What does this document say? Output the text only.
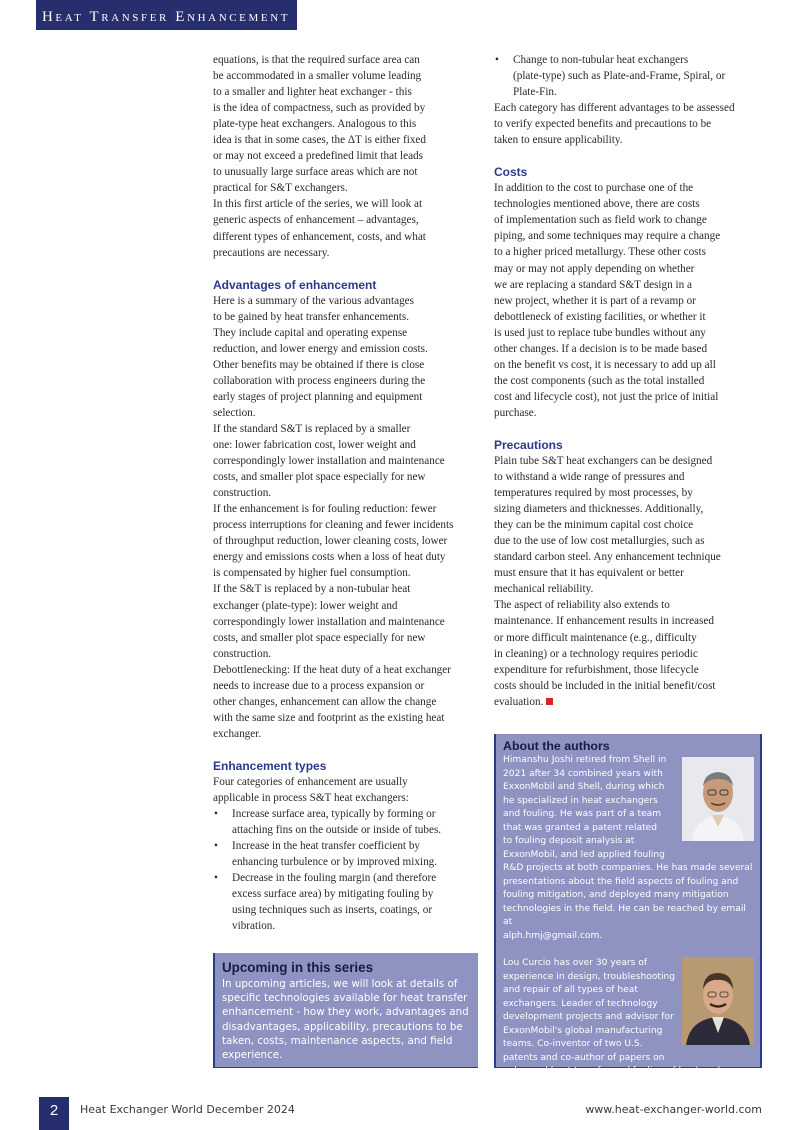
Heat Transfer Enhancement

equations, is that the required surface area can
be accommodated in a smaller volume leading
to a smaller and lighter heat exchanger - this
is the idea of compactness, such as provided by
plate-type heat exchangers. Analogous to this
idea is that in some cases, the ΔT is either fixed
or may not exceed a predefined limit that leads
to unusually large surface areas which are not
practical for S&T exchangers.
In this first article of the series, we will look at
generic aspects of enhancement – advantages,
different types of enhancement, costs, and what
precautions are necessary.

Advantages of enhancement

Here is a summary of the various advantages
to be gained by heat transfer enhancements.
They include capital and operating expense
reduction, and lower energy and emission costs.
Other benefits may be obtained if there is close
collaboration with process engineers during the
early stages of project planning and equipment
selection.
If the standard S&T is replaced by a smaller
one: lower fabrication cost, lower weight and
correspondingly lower installation and maintenance
costs, and smaller plot space especially for new
construction.
If the enhancement is for fouling reduction: fewer
process interruptions for cleaning and fewer incidents
of throughput reduction, lower cleaning costs, lower
energy and emissions costs when a loss of heat duty
is compensated by higher fuel consumption.
If the S&T is replaced by a non-tubular heat
exchanger (plate-type): lower weight and
correspondingly lower installation and maintenance
costs, and smaller plot space especially for new
construction.
Debottlenecking: If the heat duty of a heat exchanger
needs to increase due to a process expansion or
other changes, enhancement can allow the change
with the same size and footprint as the existing heat
exchanger.

Enhancement types

Four categories of enhancement are usually
applicable in process S&T heat exchangers:

• Increase surface area, typically by forming or
attaching fins on the outside or inside of tubes.
• Increase in the heat transfer coefficient by
enhancing turbulence or by improved mixing.
• Decrease in the fouling margin (and therefore
excess surface area) by mitigating fouling by
using techniques such as inserts, coatings, or
vibration.
• Change to non-tubular heat exchangers
(plate-type) such as Plate-and-Frame, Spiral, or
Plate-Fin.

Each category has different advantages to be assessed
to verify expected benefits and precautions to be
taken to ensure applicability.

Costs

In addition to the cost to purchase one of the
technologies mentioned above, there are costs
of implementation such as field work to change
piping, and some techniques may require a change
to a higher priced metallurgy. These other costs
may or may not apply depending on whether
we are replacing a standard S&T design in a
new project, whether it is part of a revamp or
debottleneck of existing facilities, or whether it
is used just to replace tube bundles without any
other changes. If a decision is to be made based
on the benefit vs cost, it is necessary to add up all
the cost components (such as the total installed
cost and lifecycle cost), not just the price of initial
purchase.

Precautions

Plain tube S&T heat exchangers can be designed
to withstand a wide range of pressures and
temperatures required by most processes, by
sizing diameters and thicknesses. Additionally,
they can be the minimum capital cost choice
due to the use of low cost metallurgies, such as
standard carbon steel. Any enhancement technique
must ensure that it has equivalent or better
mechanical reliability.
The aspect of reliability also extends to
maintenance. If enhancement results in increased
or more difficult maintenance (e.g., difficulty
in cleaning) or a technology requires periodic
expenditure for refurbishment, those lifecycle
costs should be included in the initial benefit/cost
evaluation.

About the authors

Himanshu Joshi retired from Shell in
2021 after 34 combined years with
ExxonMobil and Shell, during which
he specialized in heat exchangers
and fouling. He was part of a team
that was granted a patent related
to fouling deposit analysis at
ExxonMobil, and led applied fouling
R&D projects at both companies. He has made several
presentations about the field aspects of fouling and
fouling mitigation, and deployed many mitigation
technologies in the field. He can be reached by email at
alph.hmj@gmail.com.

Lou Curcio has over 30 years of
experience in design, troubleshooting
and repair of all types of heat
exchangers. Leader of technology
development projects and advisor for
ExxonMobil's global manufacturing
teams. Co-inventor of two U.S.
patents and co-author of papers on
enhanced heat transfer and fouling of heat exchange.

Upcoming in this series

In upcoming articles, we will look at details of
specific technologies available for heat transfer
enhancement - how they work, advantages and
disadvantages, applicability, precautions to be
taken, costs, maintenance aspects, and field
experience.

2	Heat Exchanger World December 2024	www.heat-exchanger-world.com
